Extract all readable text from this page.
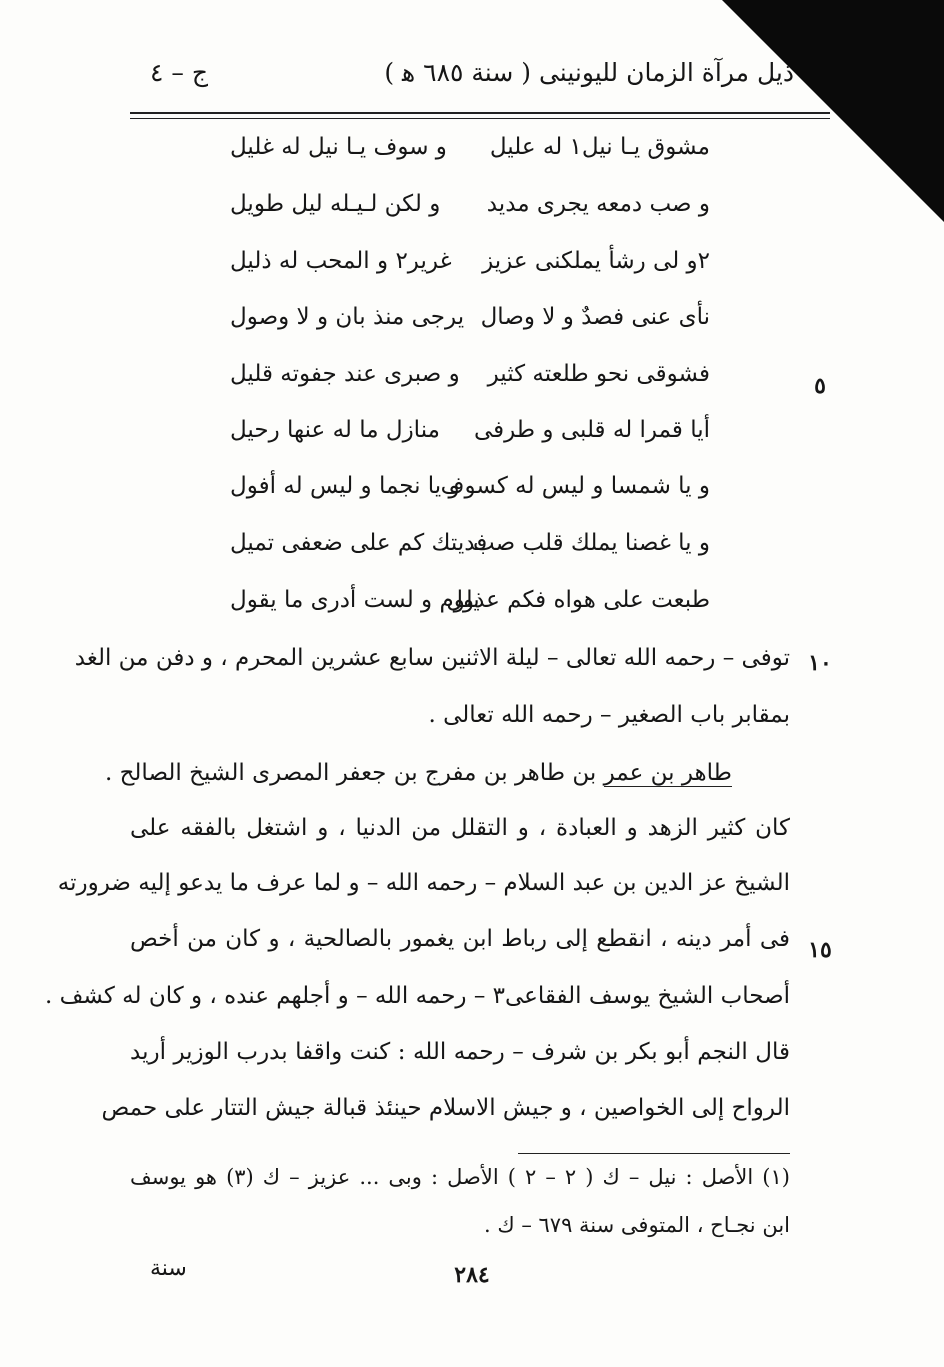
ذيل مرآة الزمان لليونينى ( سنة ٦٨٥ ﻫ )
ج – ٤
مشوق يـا نيل١ له عليل
و سوف يـا نيل له غليل
و صب دمعه يجرى مديد
و لكن لـيـله ليل طويل
٢و لى رشأ يملكنى عزيز
غرير٢ و المحب له ذليل
نأى عنى فصدٌ و لا وصال
يرجى منذ بان و لا وصول
فشوقى نحو طلعته كثير
و صبرى عند جفوته قليل
أيا قمرا له قلبى و طرفى
منازل ما له عنها رحيل
و يا شمسا و ليس له كسوف
و يا نجما و ليس له أفول
و يا غصنا يملك قلب صب
فديتك كم على ضعفى تميل
طبعت على هواه فكم عذول
يلوم و لست أدرى ما يقول
٥
١٠
١٥
توفى – رحمه الله تعالى – ليلة الاثنين سابع عشرين المحرم ، و دفن من الغد
بمقابر باب الصغير – رحمه الله تعالى .
طاهر بن عمر بن طاهر بن مفرج بن جعفر المصرى الشيخ الصالح .
كان كثير الزهد و العبادة ، و التقلل من الدنيا ، و اشتغل بالفقه على
الشيخ عز الدين بن عبد السلام – رحمه الله – و لما عرف ما يدعو إليه ضرورته
فى أمر دينه ، انقطع إلى رباط ابن يغمور بالصالحية ، و كان من أخص
أصحاب الشيخ يوسف الفقاعى٣ – رحمه الله – و أجلهم عنده ، و كان له كشف .
قال النجم أبو بكر بن شرف – رحمه الله : كنت واقفا بدرب الوزير أريد
الرواح إلى الخواصين ، و جيش الاسلام حينئذ قبالة جيش التتار على حمص
(١) الأصل : نيل – ك ( ٢ – ٢ ) الأصل : وبى ... عزيز – ك (٣) هو يوسف
ابن نجـاح ، المتوفى سنة ٦٧٩ – ك .
سنة	٢٨٤
